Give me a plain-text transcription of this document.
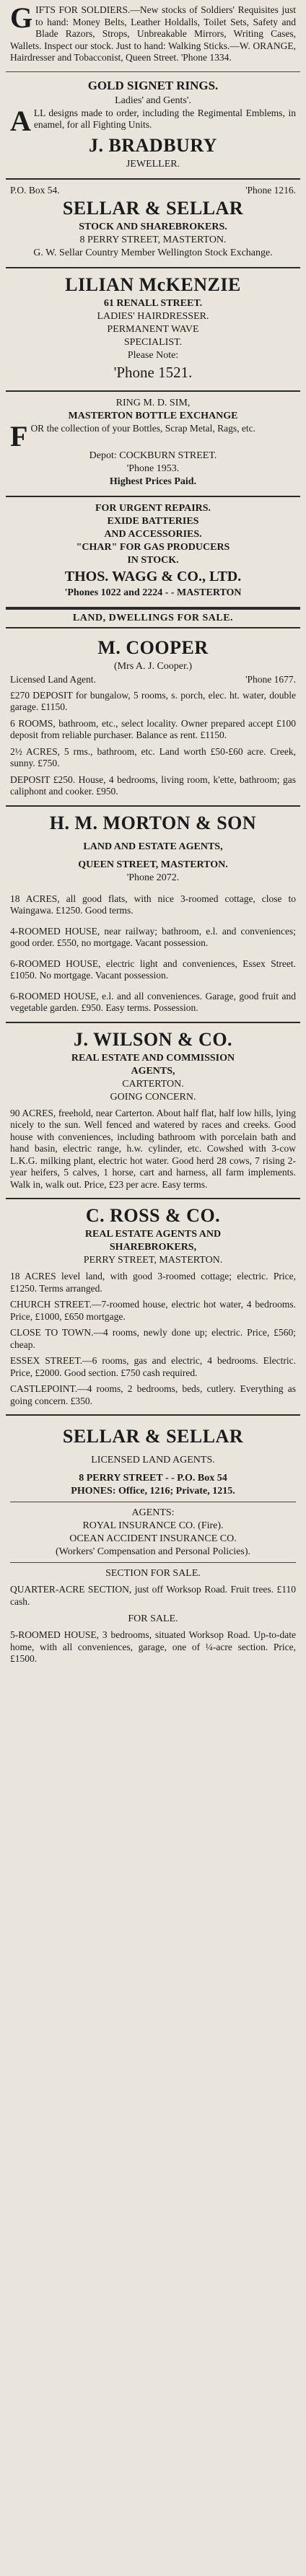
GIFTS FOR SOLDIERS.—New stocks of Soldiers' Requisites just to hand: Money Belts, Leather Holdalls, Toilet Sets, Safety and Blade Razors, Strops, Unbreakable Mirrors, Writing Cases, Wallets. Inspect our stock. Just to hand: Walking Sticks.—W. ORANGE, Hairdresser and Tobacconist, Queen Street. 'Phone 1334.

GOLD SIGNET RINGS.
Ladies' and Gents'.

ALL designs made to order, including the Regimental Emblems, in enamel, for all Fighting Units.

J. BRADBURY
JEWELLER.
P.O. Box 54.	'Phone 1216.
SELLAR & SELLAR
STOCK AND SHAREBROKERS.
8 PERRY STREET, MASTERTON.
G. W. Sellar Country Member Wellington Stock Exchange.
LILIAN McKENZIE
61 RENALL STREET.
LADIES' HAIRDRESSER.
PERMANENT WAVE
SPECIALIST.
Please Note:
'Phone 1521.
RING M. D. SIM,
MASTERTON BOTTLE EXCHANGE

FOR the collection of your Bottles, Scrap Metal, Rags, etc.

Depot: COCKBURN STREET.
'Phone 1953.
Highest Prices Paid.
FOR URGENT REPAIRS.
EXIDE BATTERIES
AND ACCESSORIES.
"CHAR" FOR GAS PRODUCERS
IN STOCK.
THOS. WAGG & CO., LTD.
'Phones 1022 and 2224 - - MASTERTON
LAND, DWELLINGS FOR SALE.
M. COOPER
(Mrs A. J. Cooper.)
Licensed Land Agent.	'Phone 1677.

£270 DEPOSIT for bungalow, 5 rooms, s. porch, elec. ht. water, double garage. £1150.

6 ROOMS, bathroom, etc., select locality. Owner prepared accept £100 deposit from reliable purchaser. Balance as rent. £1150.

2½ ACRES, 5 rms., bathroom, etc. Land worth £50-£60 acre. Creek, sunny. £750.

DEPOSIT £250. House, 4 bedrooms, living room, k'ette, bathroom; gas caliphont and cooker. £950.

H. M. MORTON & SON
LAND AND ESTATE AGENTS,
QUEEN STREET, MASTERTON.
'Phone 2072.

18 ACRES, all good flats, with nice 3-roomed cottage, close to Waingawa. £1250. Good terms.

4-ROOMED HOUSE, near railway; bathroom, e.l. and conveniences; good order. £550, no mortgage. Vacant possession.

6-ROOMED HOUSE, electric light and conveniences, Essex Street. £1050. No mortgage. Vacant possession.

6-ROOMED HOUSE, e.l. and all conveniences. Garage, good fruit and vegetable garden. £950. Easy terms. Possession.

J. WILSON & CO.
REAL ESTATE AND COMMISSION
AGENTS,
CARTERTON.
GOING CONCERN.

90 ACRES, freehold, near Carterton. About half flat, half low hills, lying nicely to the sun. Well fenced and watered by races and creeks. Good house with conveniences, including bathroom with porcelain bath and hand basin, electric range, h.w. cylinder, etc. Cowshed with 3-cow L.K.G. milking plant, electric hot water. Good herd 28 cows, 7 rising 2-year heifers, 5 calves, 1 horse, cart and harness, all farm implements. Walk in, walk out. Price, £23 per acre. Easy terms.

C. ROSS & CO.
REAL ESTATE AGENTS AND
SHAREBROKERS,
PERRY STREET, MASTERTON.

18 ACRES level land, with good 3-roomed cottage; electric. Price, £1250. Terms arranged.

CHURCH STREET.—7-roomed house, electric hot water, 4 bedrooms. Price, £1000, £650 mortgage.

CLOSE TO TOWN.—4 rooms, newly done up; electric. Price, £560; cheap.

ESSEX STREET.—6 rooms, gas and electric, 4 bedrooms. Electric. Price, £2000. Good section. £750 cash required.

CASTLEPOINT.—4 rooms, 2 bedrooms, beds, cutlery. Everything as going concern. £350.

SELLAR & SELLAR
LICENSED LAND AGENTS.
8 PERRY STREET - - P.O. Box 54
PHONES: Office, 1216; Private, 1215.
AGENTS:
ROYAL INSURANCE CO. (Fire).
OCEAN ACCIDENT INSURANCE CO.
(Workers' Compensation and Personal Policies).
SECTION FOR SALE.

QUARTER-ACRE SECTION, just off Worksop Road. Fruit trees. £110 cash.

FOR SALE.

5-ROOMED HOUSE, 3 bedrooms, situated Worksop Road. Up-to-date home, with all conveniences, garage, one of ¼-acre section. Price, £1500.
